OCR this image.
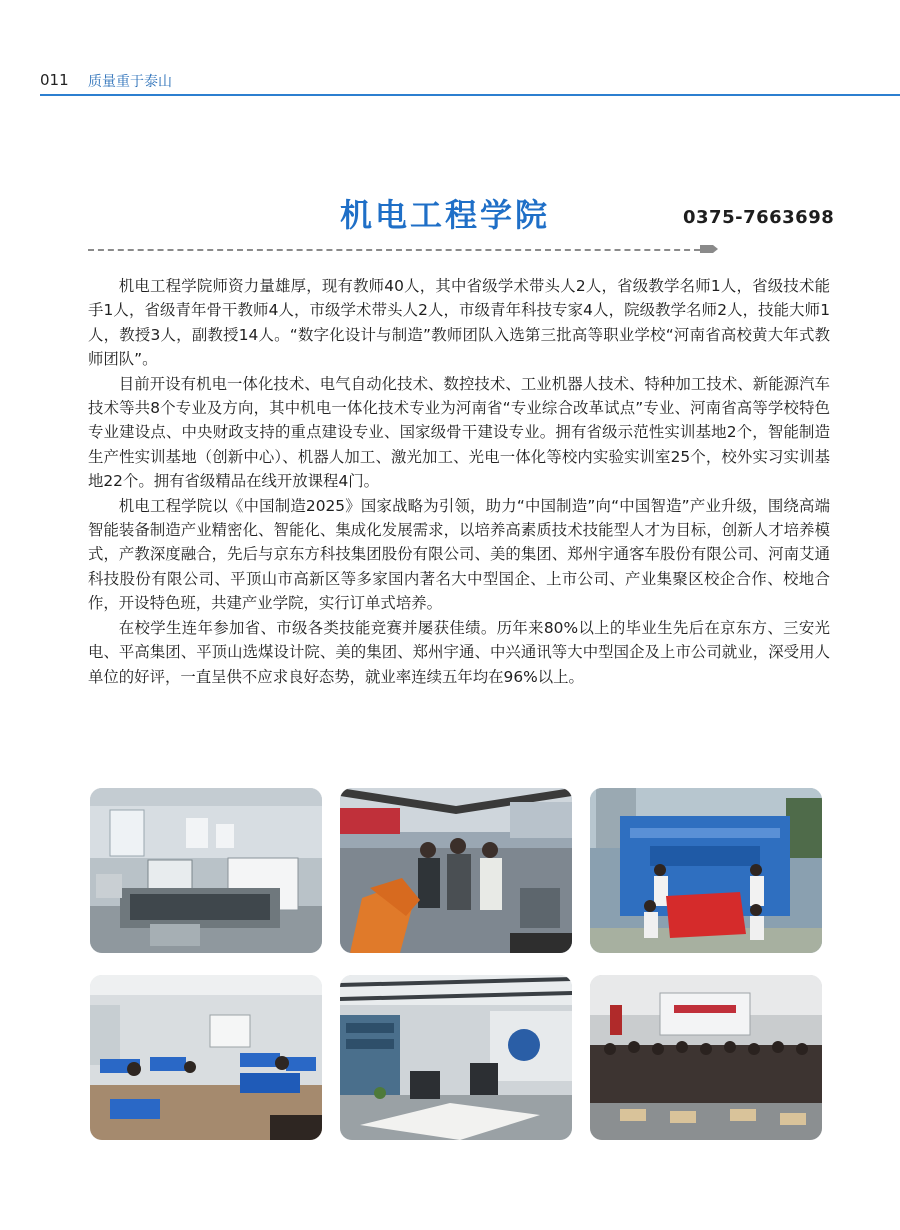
011 质量重于泰山
机电工程学院	0375-7663698

机电工程学院师资力量雄厚，现有教师40人，其中省级学术带头人2人，省级教学名师1人，省级技术能手1人，省级青年骨干教师4人，市级学术带头人2人，市级青年科技专家4人，院级教学名师2人，技能大师1人，教授3人，副教授14人。“数字化设计与制造”教师团队入选第三批高等职业学校“河南省高校黄大年式教师团队”。

目前开设有机电一体化技术、电气自动化技术、数控技术、工业机器人技术、特种加工技术、新能源汽车技术等共8个专业及方向，其中机电一体化技术专业为河南省“专业综合改革试点”专业、河南省高等学校特色专业建设点、中央财政支持的重点建设专业、国家级骨干建设专业。拥有省级示范性实训基地2个，智能制造生产性实训基地（创新中心）、机器人加工、激光加工、光电一体化等校内实验实训室25个，校外实习实训基地22个。拥有省级精品在线开放课程4门。

机电工程学院以《中国制造2025》国家战略为引领，助力“中国制造”向“中国智造”产业升级，围绕高端智能装备制造产业精密化、智能化、集成化发展需求，以培养高素质技术技能型人才为目标，创新人才培养模式，产教深度融合，先后与京东方科技集团股份有限公司、美的集团、郑州宇通客车股份有限公司、河南艾通科技股份有限公司、平顶山市高新区等多家国内著名大中型国企、上市公司、产业集聚区校企合作、校地合作，开设特色班，共建产业学院，实行订单式培养。

在校学生连年参加省、市级各类技能竞赛并屡获佳绩。历年来80%以上的毕业生先后在京东方、三安光电、平高集团、平顶山选煤设计院、美的集团、郑州宇通、中兴通讯等大中型国企及上市公司就业，深受用人单位的好评，一直呈供不应求良好态势，就业率连续五年均在96%以上。
